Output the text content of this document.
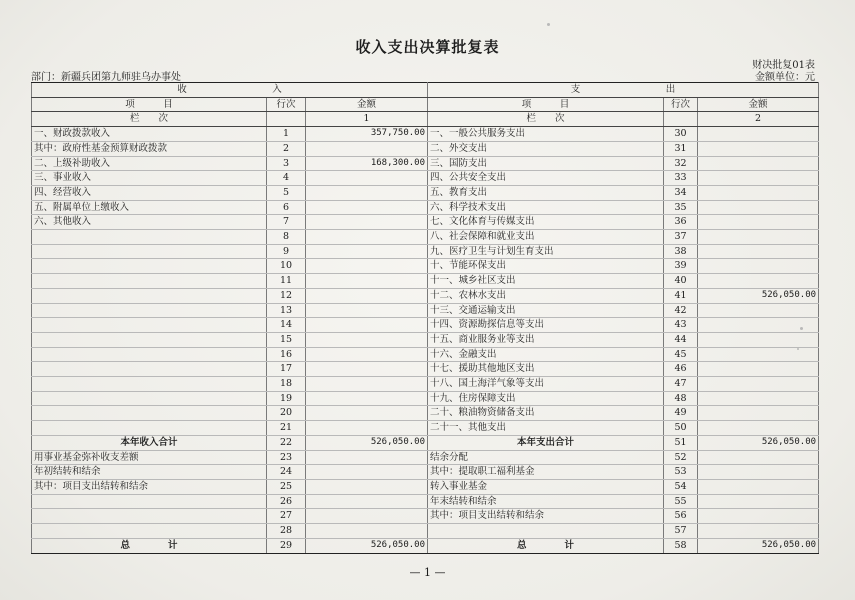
收入支出决算批复表
财决批复01表
部门：新疆兵团第九师驻乌办事处	金额单位：元
收　　　　　　　　　入			支　　　　　　　　　出		
项　　　目	行次	金额	项　　　目	行次	金额
栏　　次		1	栏　　次		2
一、财政拨款收入	1	357,750.00	一、一般公共服务支出	30	
其中：政府性基金预算财政拨款	2		二、外交支出	31	
二、上级补助收入	3	168,300.00	三、国防支出	32	
三、事业收入	4		四、公共安全支出	33	
四、经营收入	5		五、教育支出	34	
五、附属单位上缴收入	6		六、科学技术支出	35	
六、其他收入	7		七、文化体育与传媒支出	36	
	8		八、社会保障和就业支出	37	
	9		九、医疗卫生与计划生育支出	38	
	10		十、节能环保支出	39	
	11		十一、城乡社区支出	40	
	12		十二、农林水支出	41	526,050.00
	13		十三、交通运输支出	42	
	14		十四、资源勘探信息等支出	43	
	15		十五、商业服务业等支出	44	
	16		十六、金融支出	45	
	17		十七、援助其他地区支出	46	
	18		十八、国土海洋气象等支出	47	
	19		十九、住房保障支出	48	
	20		二十、粮油物资储备支出	49	
	21		二十一、其他支出	50	
本年收入合计	22	526,050.00	本年支出合计	51	526,050.00
用事业基金弥补收支差额	23		结余分配	52	
年初结转和结余	24		其中：提取职工福利基金	53	
其中：项目支出结转和结余	25		转入事业基金	54	
	26		年末结转和结余	55	
	27		其中：项目支出结转和结余	56	
	28			57	
总　　　　计	29	526,050.00	总　　　　计	58	526,050.00
— 1 —
